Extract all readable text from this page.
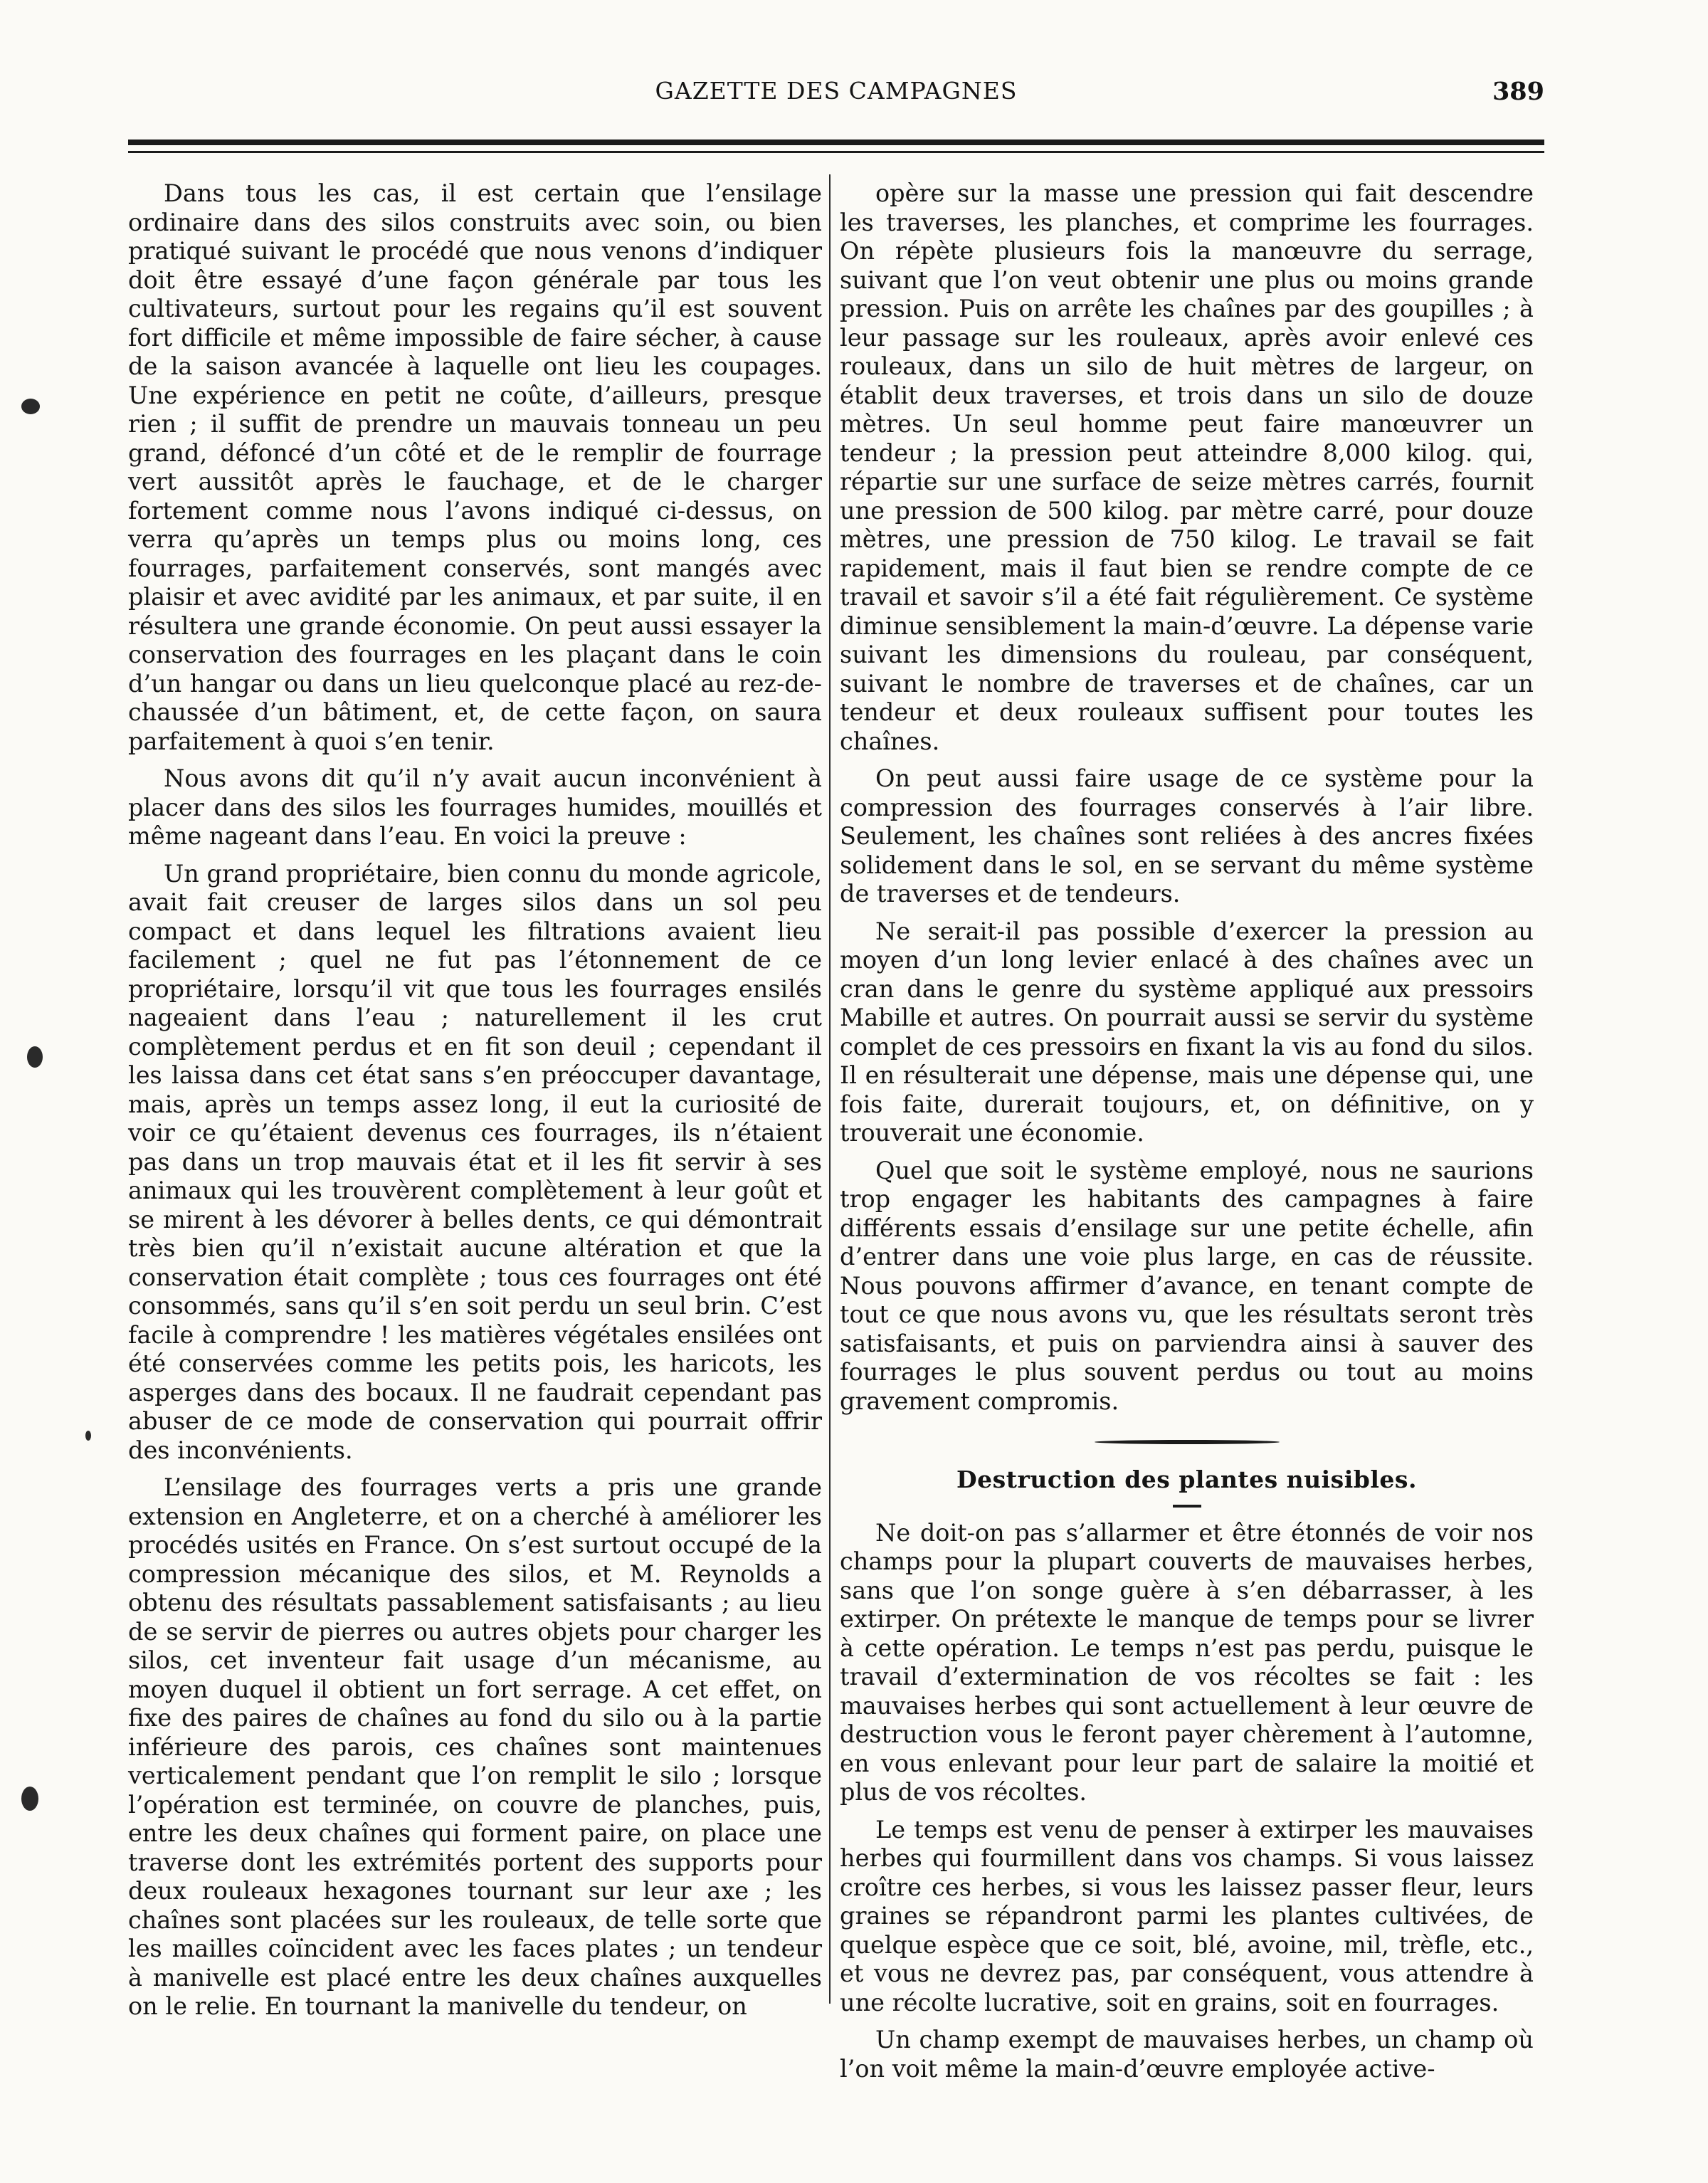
GAZETTE DES CAMPAGNES	389

Dans tous les cas, il est certain que l’ensilage ordinaire dans des silos construits avec soin, ou bien pratiqué suivant le procédé que nous venons d’indiquer doit être essayé d’une façon générale par tous les cultivateurs, surtout pour les regains qu’il est souvent fort difficile et même impossible de faire sécher, à cause de la saison avancée à laquelle ont lieu les coupages. Une expérience en petit ne coûte, d’ailleurs, presque rien ; il suffit de prendre un mauvais tonneau un peu grand, défoncé d’un côté et de le remplir de fourrage vert aussitôt après le fauchage, et de le charger fortement comme nous l’avons indiqué ci-dessus, on verra qu’après un temps plus ou moins long, ces fourrages, parfaitement conservés, sont mangés avec plaisir et avec avidité par les animaux, et par suite, il en résultera une grande économie. On peut aussi essayer la conservation des fourrages en les plaçant dans le coin d’un hangar ou dans un lieu quelconque placé au rez-de-chaussée d’un bâtiment, et, de cette façon, on saura parfaitement à quoi s’en tenir.

Nous avons dit qu’il n’y avait aucun inconvénient à placer dans des silos les fourrages humides, mouillés et même nageant dans l’eau. En voici la preuve :

Un grand propriétaire, bien connu du monde agricole, avait fait creuser de larges silos dans un sol peu compact et dans lequel les filtrations avaient lieu facilement ; quel ne fut pas l’étonnement de ce propriétaire, lorsqu’il vit que tous les fourrages ensilés nageaient dans l’eau ; naturellement il les crut complètement perdus et en fit son deuil ; cependant il les laissa dans cet état sans s’en préoccuper davantage, mais, après un temps assez long, il eut la curiosité de voir ce qu’étaient devenus ces fourrages, ils n’étaient pas dans un trop mauvais état et il les fit servir à ses animaux qui les trouvèrent complètement à leur goût et se mirent à les dévorer à belles dents, ce qui démontrait très bien qu’il n’existait aucune altération et que la conservation était complète ; tous ces fourrages ont été consommés, sans qu’il s’en soit perdu un seul brin. C’est facile à comprendre ! les matières végétales ensilées ont été conservées comme les petits pois, les haricots, les asperges dans des bocaux. Il ne faudrait cependant pas abuser de ce mode de conservation qui pourrait offrir des inconvénients.

L’ensilage des fourrages verts a pris une grande extension en Angleterre, et on a cherché à améliorer les procédés usités en France. On s’est surtout occupé de la compression mécanique des silos, et M. Reynolds a obtenu des résultats passablement satisfaisants ; au lieu de se servir de pierres ou autres objets pour charger les silos, cet inventeur fait usage d’un mécanisme, au moyen duquel il obtient un fort serrage. A cet effet, on fixe des paires de chaînes au fond du silo ou à la partie inférieure des parois, ces chaînes sont maintenues verticalement pendant que l’on remplit le silo ; lorsque l’opération est terminée, on couvre de planches, puis, entre les deux chaînes qui forment paire, on place une traverse dont les extrémités portent des supports pour deux rouleaux hexagones tournant sur leur axe ; les chaînes sont placées sur les rouleaux, de telle sorte que les mailles coïncident avec les faces plates ; un tendeur à manivelle est placé entre les deux chaînes auxquelles on le relie. En tournant la manivelle du tendeur, on

opère sur la masse une pression qui fait descendre les traverses, les planches, et comprime les fourrages. On répète plusieurs fois la manœuvre du serrage, suivant que l’on veut obtenir une plus ou moins grande pression. Puis on arrête les chaînes par des goupilles ; à leur passage sur les rouleaux, après avoir enlevé ces rouleaux, dans un silo de huit mètres de largeur, on établit deux traverses, et trois dans un silo de douze mètres. Un seul homme peut faire manœuvrer un tendeur ; la pression peut atteindre 8,000 kilog. qui, répartie sur une surface de seize mètres carrés, fournit une pression de 500 kilog. par mètre carré, pour douze mètres, une pression de 750 kilog. Le travail se fait rapidement, mais il faut bien se rendre compte de ce travail et savoir s’il a été fait régulièrement. Ce système diminue sensiblement la main-d’œuvre. La dépense varie suivant les dimensions du rouleau, par conséquent, suivant le nombre de traverses et de chaînes, car un tendeur et deux rouleaux suffisent pour toutes les chaînes.

On peut aussi faire usage de ce système pour la compression des fourrages conservés à l’air libre. Seulement, les chaînes sont reliées à des ancres fixées solidement dans le sol, en se servant du même système de traverses et de tendeurs.

Ne serait-il pas possible d’exercer la pression au moyen d’un long levier enlacé à des chaînes avec un cran dans le genre du système appliqué aux pressoirs Mabille et autres. On pourrait aussi se servir du système complet de ces pressoirs en fixant la vis au fond du silos. Il en résulterait une dépense, mais une dépense qui, une fois faite, durerait toujours, et, on définitive, on y trouverait une économie.

Quel que soit le système employé, nous ne saurions trop engager les habitants des campagnes à faire différents essais d’ensilage sur une petite échelle, afin d’entrer dans une voie plus large, en cas de réussite. Nous pouvons affirmer d’avance, en tenant compte de tout ce que nous avons vu, que les résultats seront très satisfaisants, et puis on parviendra ainsi à sauver des fourrages le plus souvent perdus ou tout au moins gravement compromis.

Destruction des plantes nuisibles.

Ne doit-on pas s’allarmer et être étonnés de voir nos champs pour la plupart couverts de mauvaises herbes, sans que l’on songe guère à s’en débarrasser, à les extirper. On prétexte le manque de temps pour se livrer à cette opération. Le temps n’est pas perdu, puisque le travail d’extermination de vos récoltes se fait : les mauvaises herbes qui sont actuellement à leur œuvre de destruction vous le feront payer chèrement à l’automne, en vous enlevant pour leur part de salaire la moitié et plus de vos récoltes.

Le temps est venu de penser à extirper les mauvaises herbes qui fourmillent dans vos champs. Si vous laissez croître ces herbes, si vous les laissez passer fleur, leurs graines se répandront parmi les plantes cultivées, de quelque espèce que ce soit, blé, avoine, mil, trèfle, etc., et vous ne devrez pas, par conséquent, vous attendre à une récolte lucrative, soit en grains, soit en fourrages.

Un champ exempt de mauvaises herbes, un champ où l’on voit même la main-d’œuvre employée active-
